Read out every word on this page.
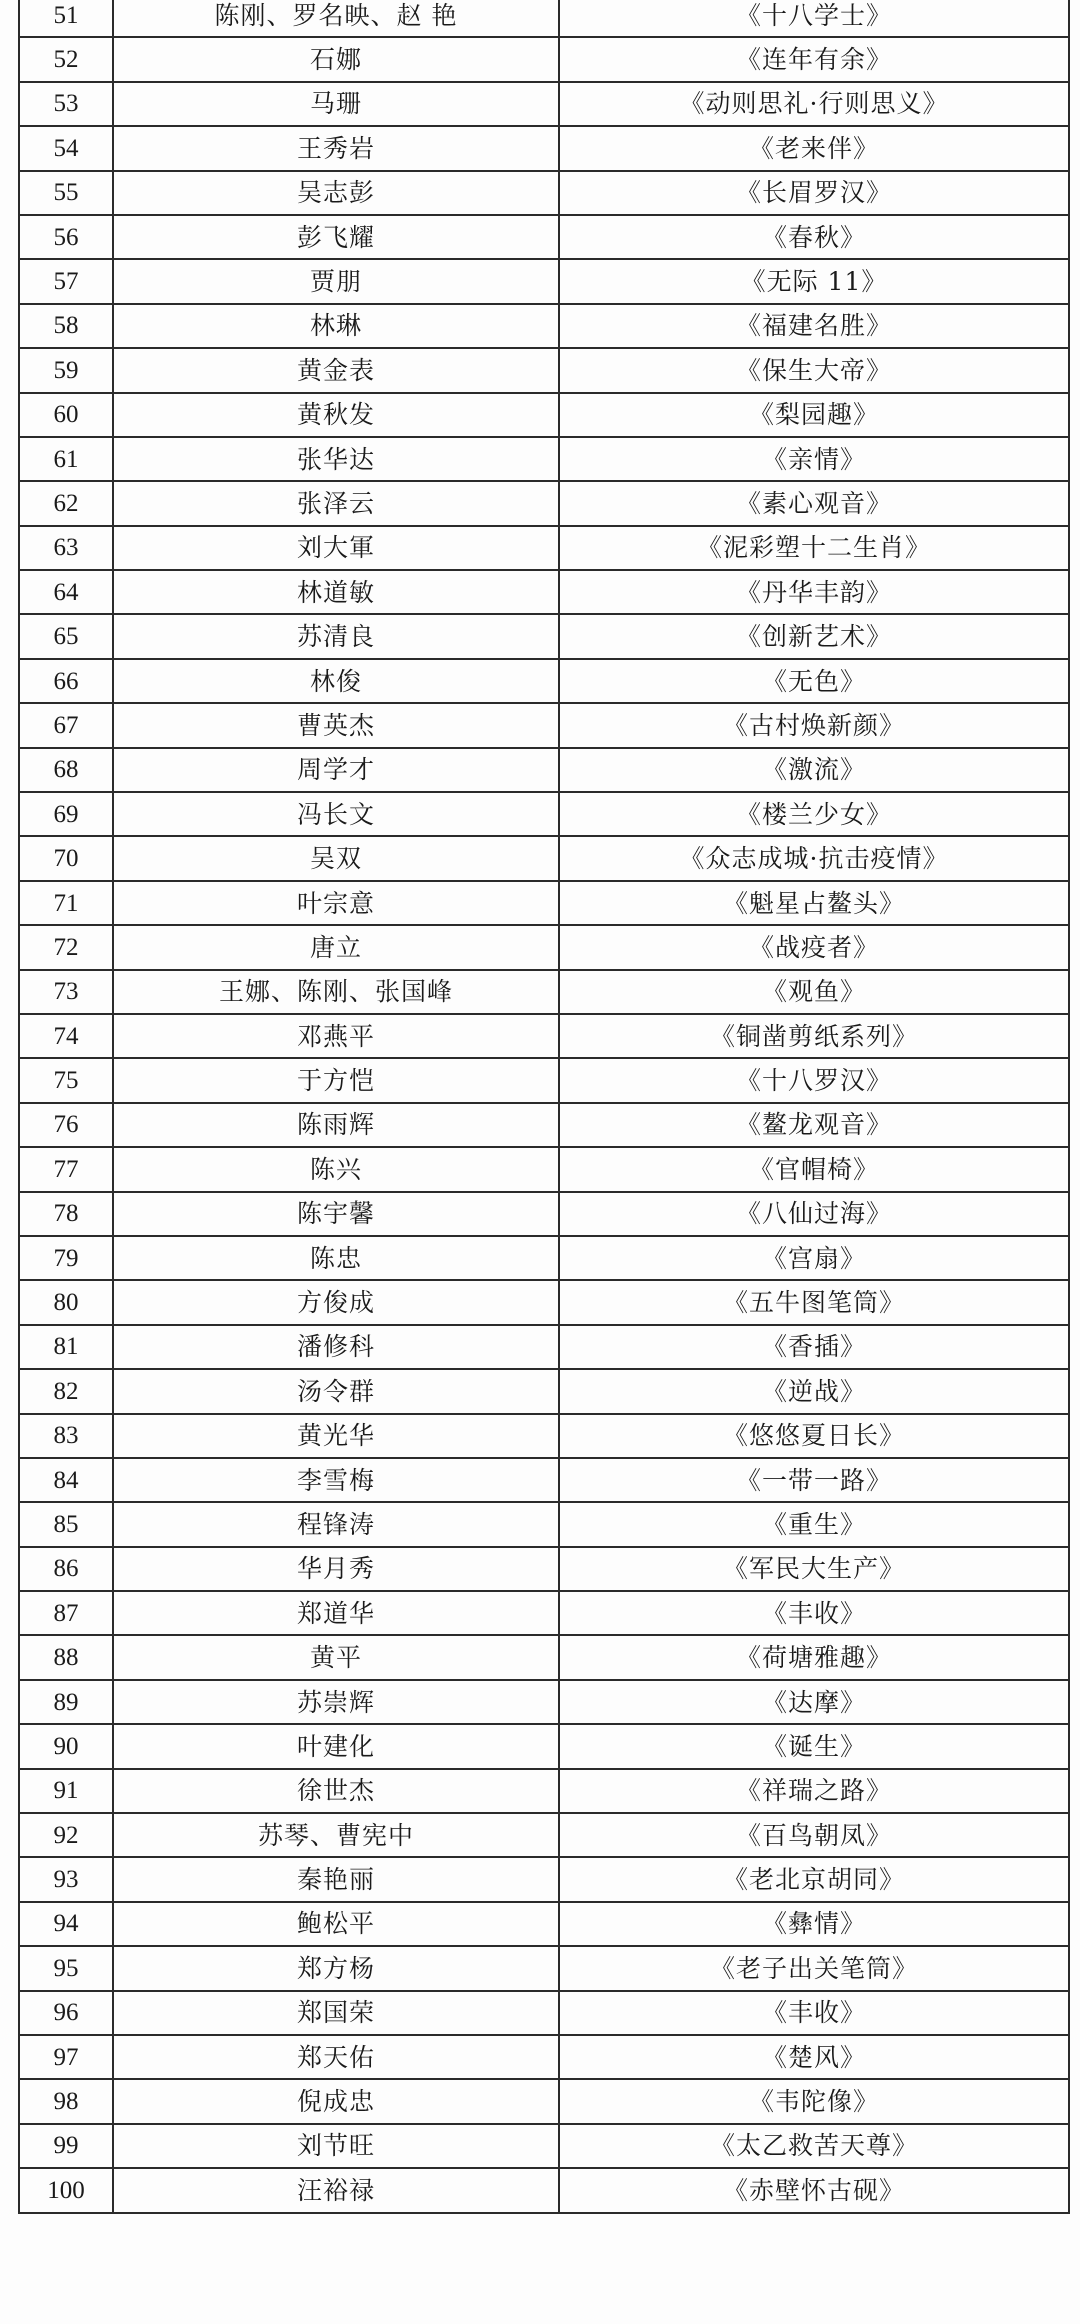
51	陈刚、罗名映、赵 艳	《十八学士》
52	石娜	《连年有余》
53	马珊	《动则思礼·行则思义》
54	王秀岩	《老来伴》
55	吴志彭	《长眉罗汉》
56	彭飞耀	《春秋》
57	贾朋	《无际 11》
58	林琳	《福建名胜》
59	黄金表	《保生大帝》
60	黄秋发	《梨园趣》
61	张华达	《亲情》
62	张泽云	《素心观音》
63	刘大軍	《泥彩塑十二生肖》
64	林道敏	《丹华丰韵》
65	苏清良	《创新艺术》
66	林俊	《无色》
67	曹英杰	《古村焕新颜》
68	周学才	《激流》
69	冯长文	《楼兰少女》
70	吴双	《众志成城·抗击疫情》
71	叶宗意	《魁星占鳌头》
72	唐立	《战疫者》
73	王娜、陈刚、张国峰	《观鱼》
74	邓燕平	《铜凿剪纸系列》
75	于方恺	《十八罗汉》
76	陈雨辉	《鳌龙观音》
77	陈兴	《官帽椅》
78	陈宇馨	《八仙过海》
79	陈忠	《宫扇》
80	方俊成	《五牛图笔筒》
81	潘修科	《香插》
82	汤令群	《逆战》
83	黄光华	《悠悠夏日长》
84	李雪梅	《一带一路》
85	程锋涛	《重生》
86	华月秀	《军民大生产》
87	郑道华	《丰收》
88	黄平	《荷塘雅趣》
89	苏崇辉	《达摩》
90	叶建化	《诞生》
91	徐世杰	《祥瑞之路》
92	苏琴、曹宪中	《百鸟朝凤》
93	秦艳丽	《老北京胡同》
94	鲍松平	《彝情》
95	郑方杨	《老子出关笔筒》
96	郑国荣	《丰收》
97	郑天佑	《楚风》
98	倪成忠	《韦陀像》
99	刘节旺	《太乙救苦天尊》
100	汪裕禄	《赤壁怀古砚》
